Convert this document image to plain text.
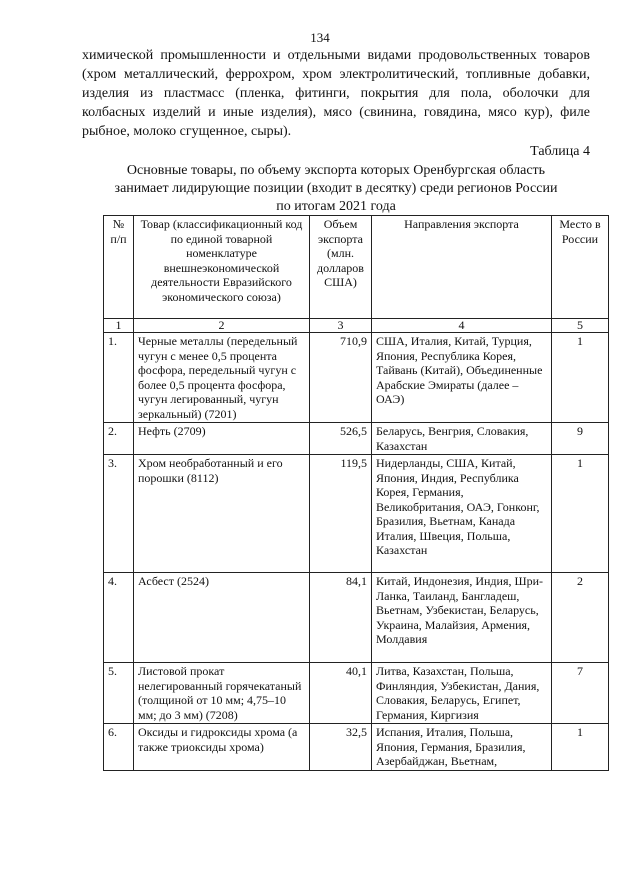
134

химической промышленности и отдельными видами продовольственных товаров (хром металлический, феррохром, хром электролитический, топливные добавки, изделия из пластмасс (пленка, фитинги, покрытия для пола, оболочки для колбасных изделий и иные изделия), мясо (свинина, говядина, мясо кур), филе рыбное, молоко сгущенное, сыры).

Таблица 4
Основные товары, по объему экспорта которых Оренбургская область
занимает лидирующие позиции (входит в десятку) среди регионов России
по итогам 2021 года
№ п/п	Товар (классификационный код по единой товарной номенклатуре внешнеэкономической деятельности Евразийского экономического союза)	Объем экспорта (млн. долларов США)	Направления экспорта	Место в России

1	2	3	4	5
1.	Черные металлы (передельный чугун с менее 0,5 процента фосфора, передельный чугун с более 0,5 процента фосфора, чугун легированный, чугун зеркальный) (7201)	710,9	США, Италия, Китай, Турция, Япония, Республика Корея, Тайвань (Китай), Объединенные Арабские Эмираты (далее – ОАЭ)	1
2.	Нефть (2709)	526,5	Беларусь, Венгрия, Словакия, Казахстан	9
3.	Хром необработанный и его порошки (8112)	119,5	Нидерланды, США, Китай, Япония, Индия, Республика Корея, Германия, Великобритания, ОАЭ, Гонконг, Бразилия, Вьетнам, Канада Италия, Швеция, Польша, Казахстан	1
4.	Асбест (2524)	84,1	Китай, Индонезия, Индия, Шри-Ланка, Таиланд, Бангладеш, Вьетнам, Узбекистан, Беларусь, Украина, Малайзия, Армения, Молдавия	2
5.	Листовой прокат нелегированный горячекатаный (толщиной от 10 мм; 4,75–10 мм; до 3 мм) (7208)	40,1	Литва, Казахстан, Польша, Финляндия, Узбекистан, Дания, Словакия, Беларусь, Египет, Германия, Киргизия	7
6.	Оксиды и гидроксиды хрома (а также триоксиды хрома)	32,5	Испания, Италия, Польша, Япония, Германия, Бразилия, Азербайджан, Вьетнам,	1
